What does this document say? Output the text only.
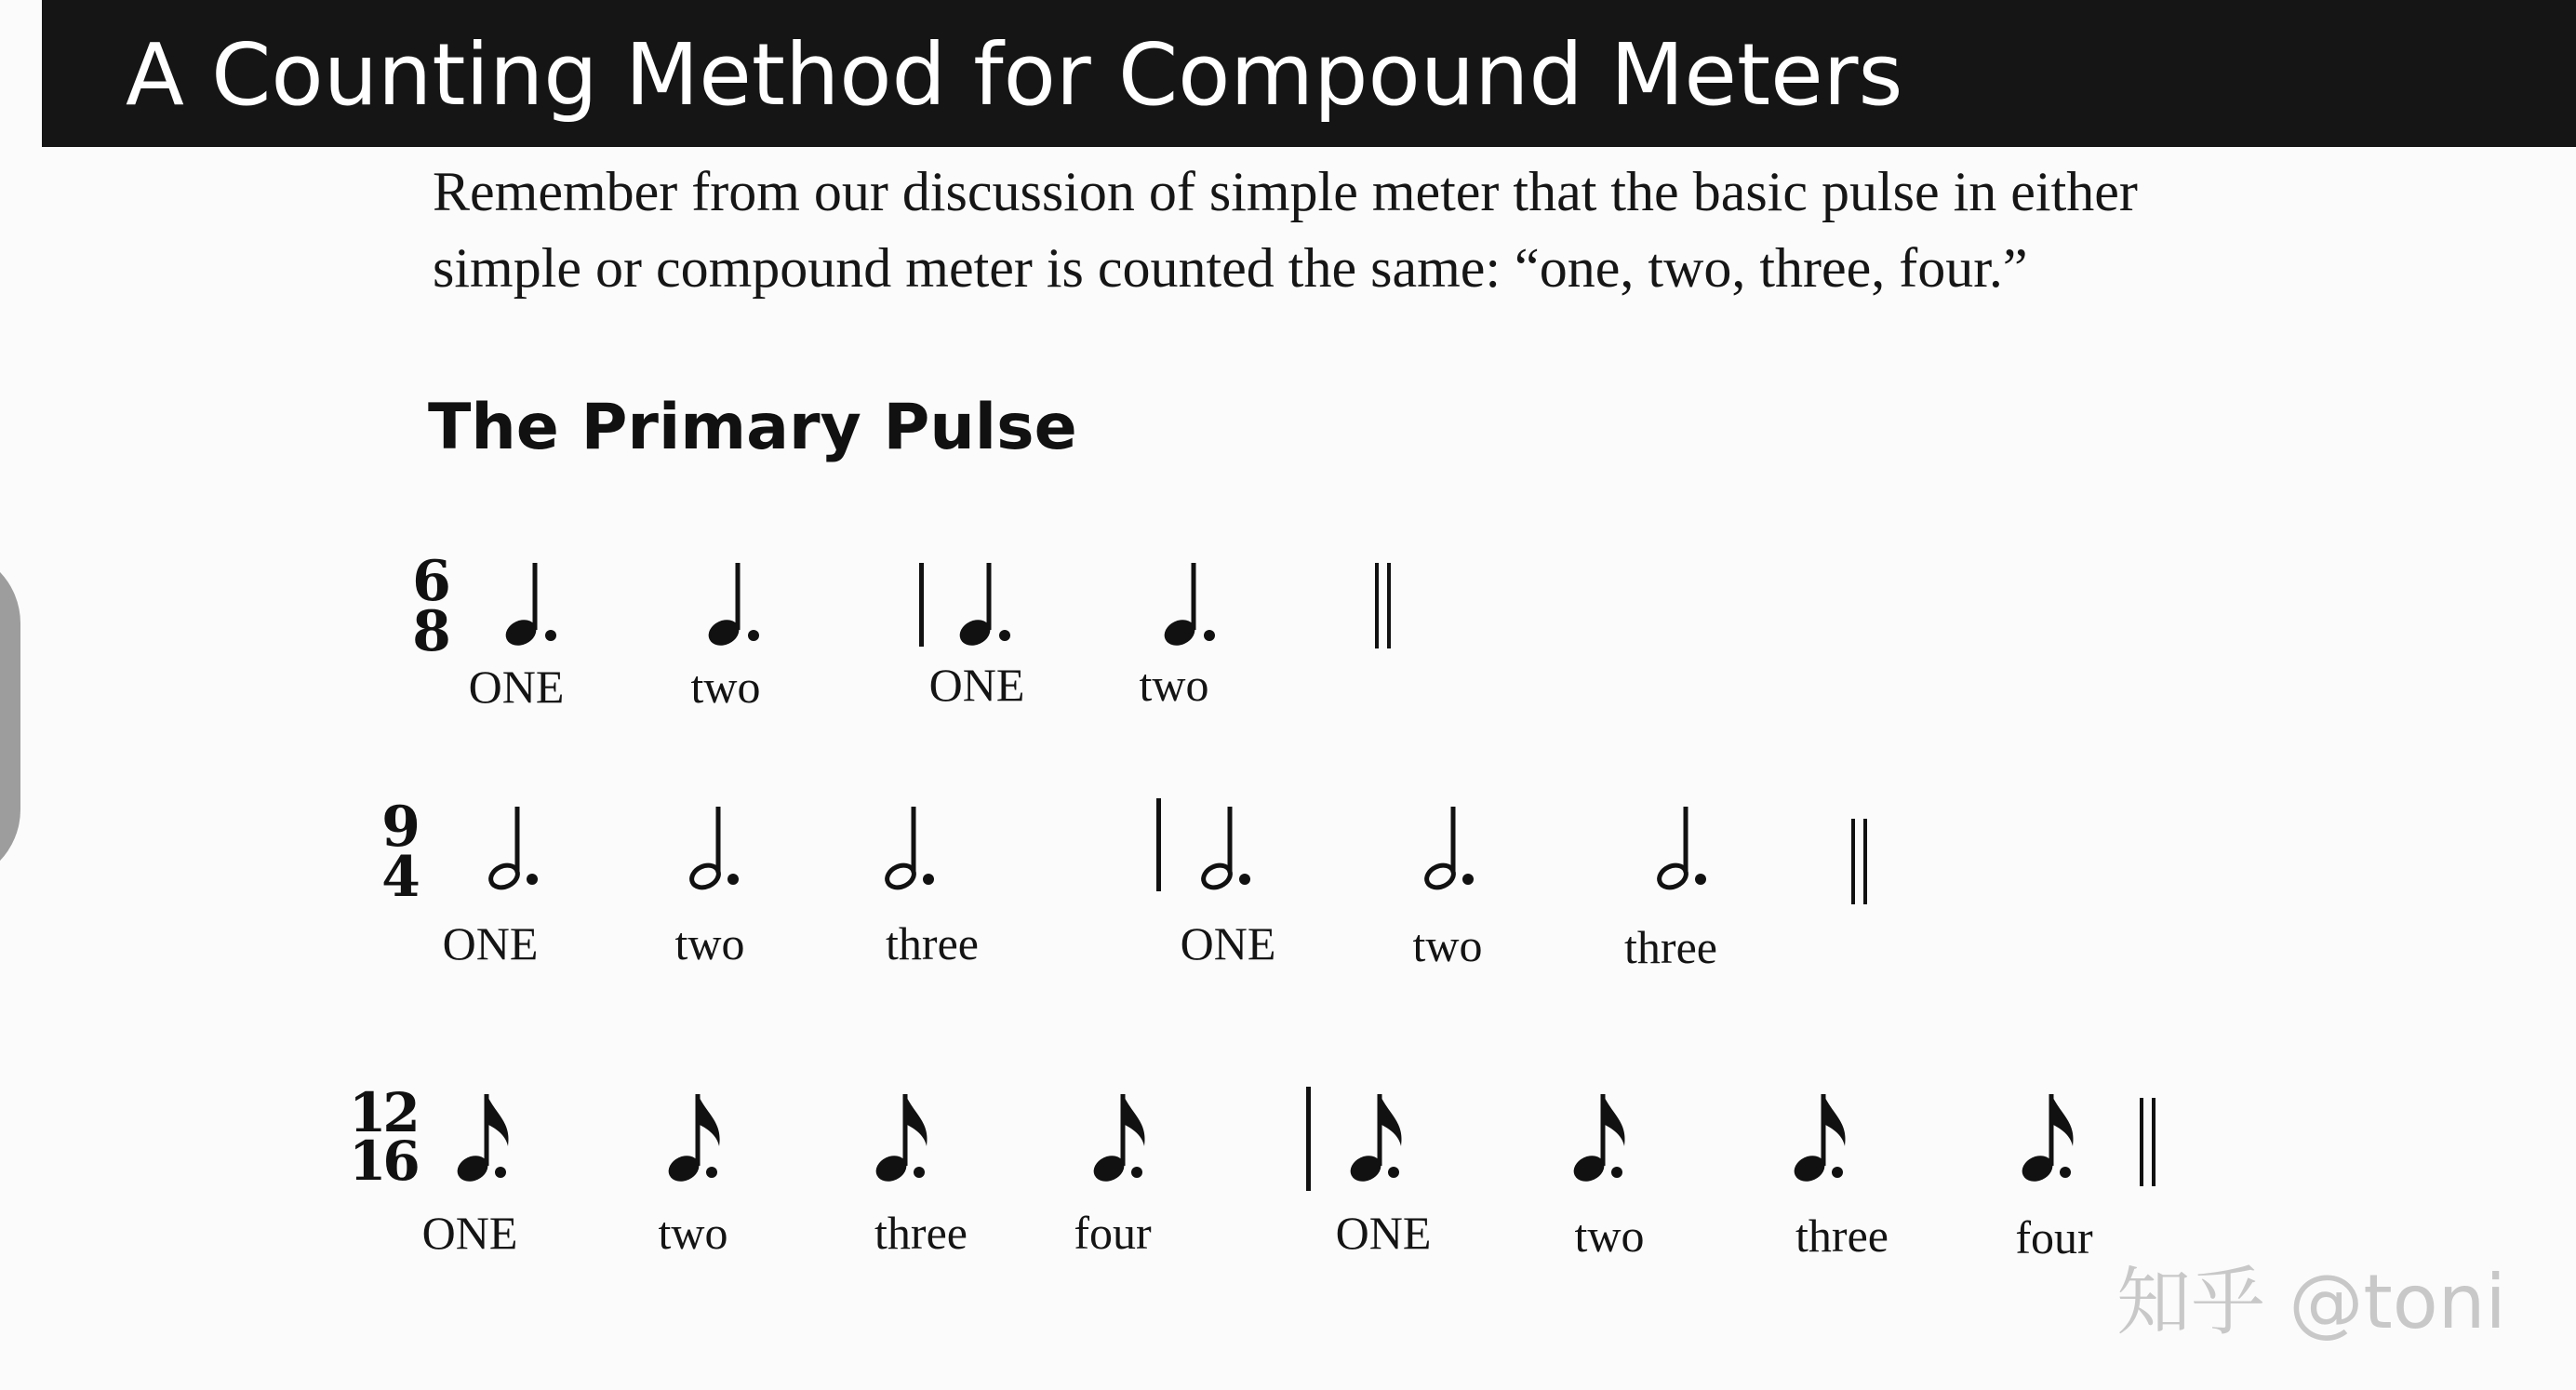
A Counting Method for Compound Meters

Remember from our discussion of simple meter that the basic pulse in either

simple or compound meter is counted the same: “one, two, three, four.”

The Primary Pulse
6
8
ONE	two	ONE two
9
4
ONE	two	three	ONE	two	three
12
16
ONE	two	three four	ONE	two	three	four
知乎 @toni
